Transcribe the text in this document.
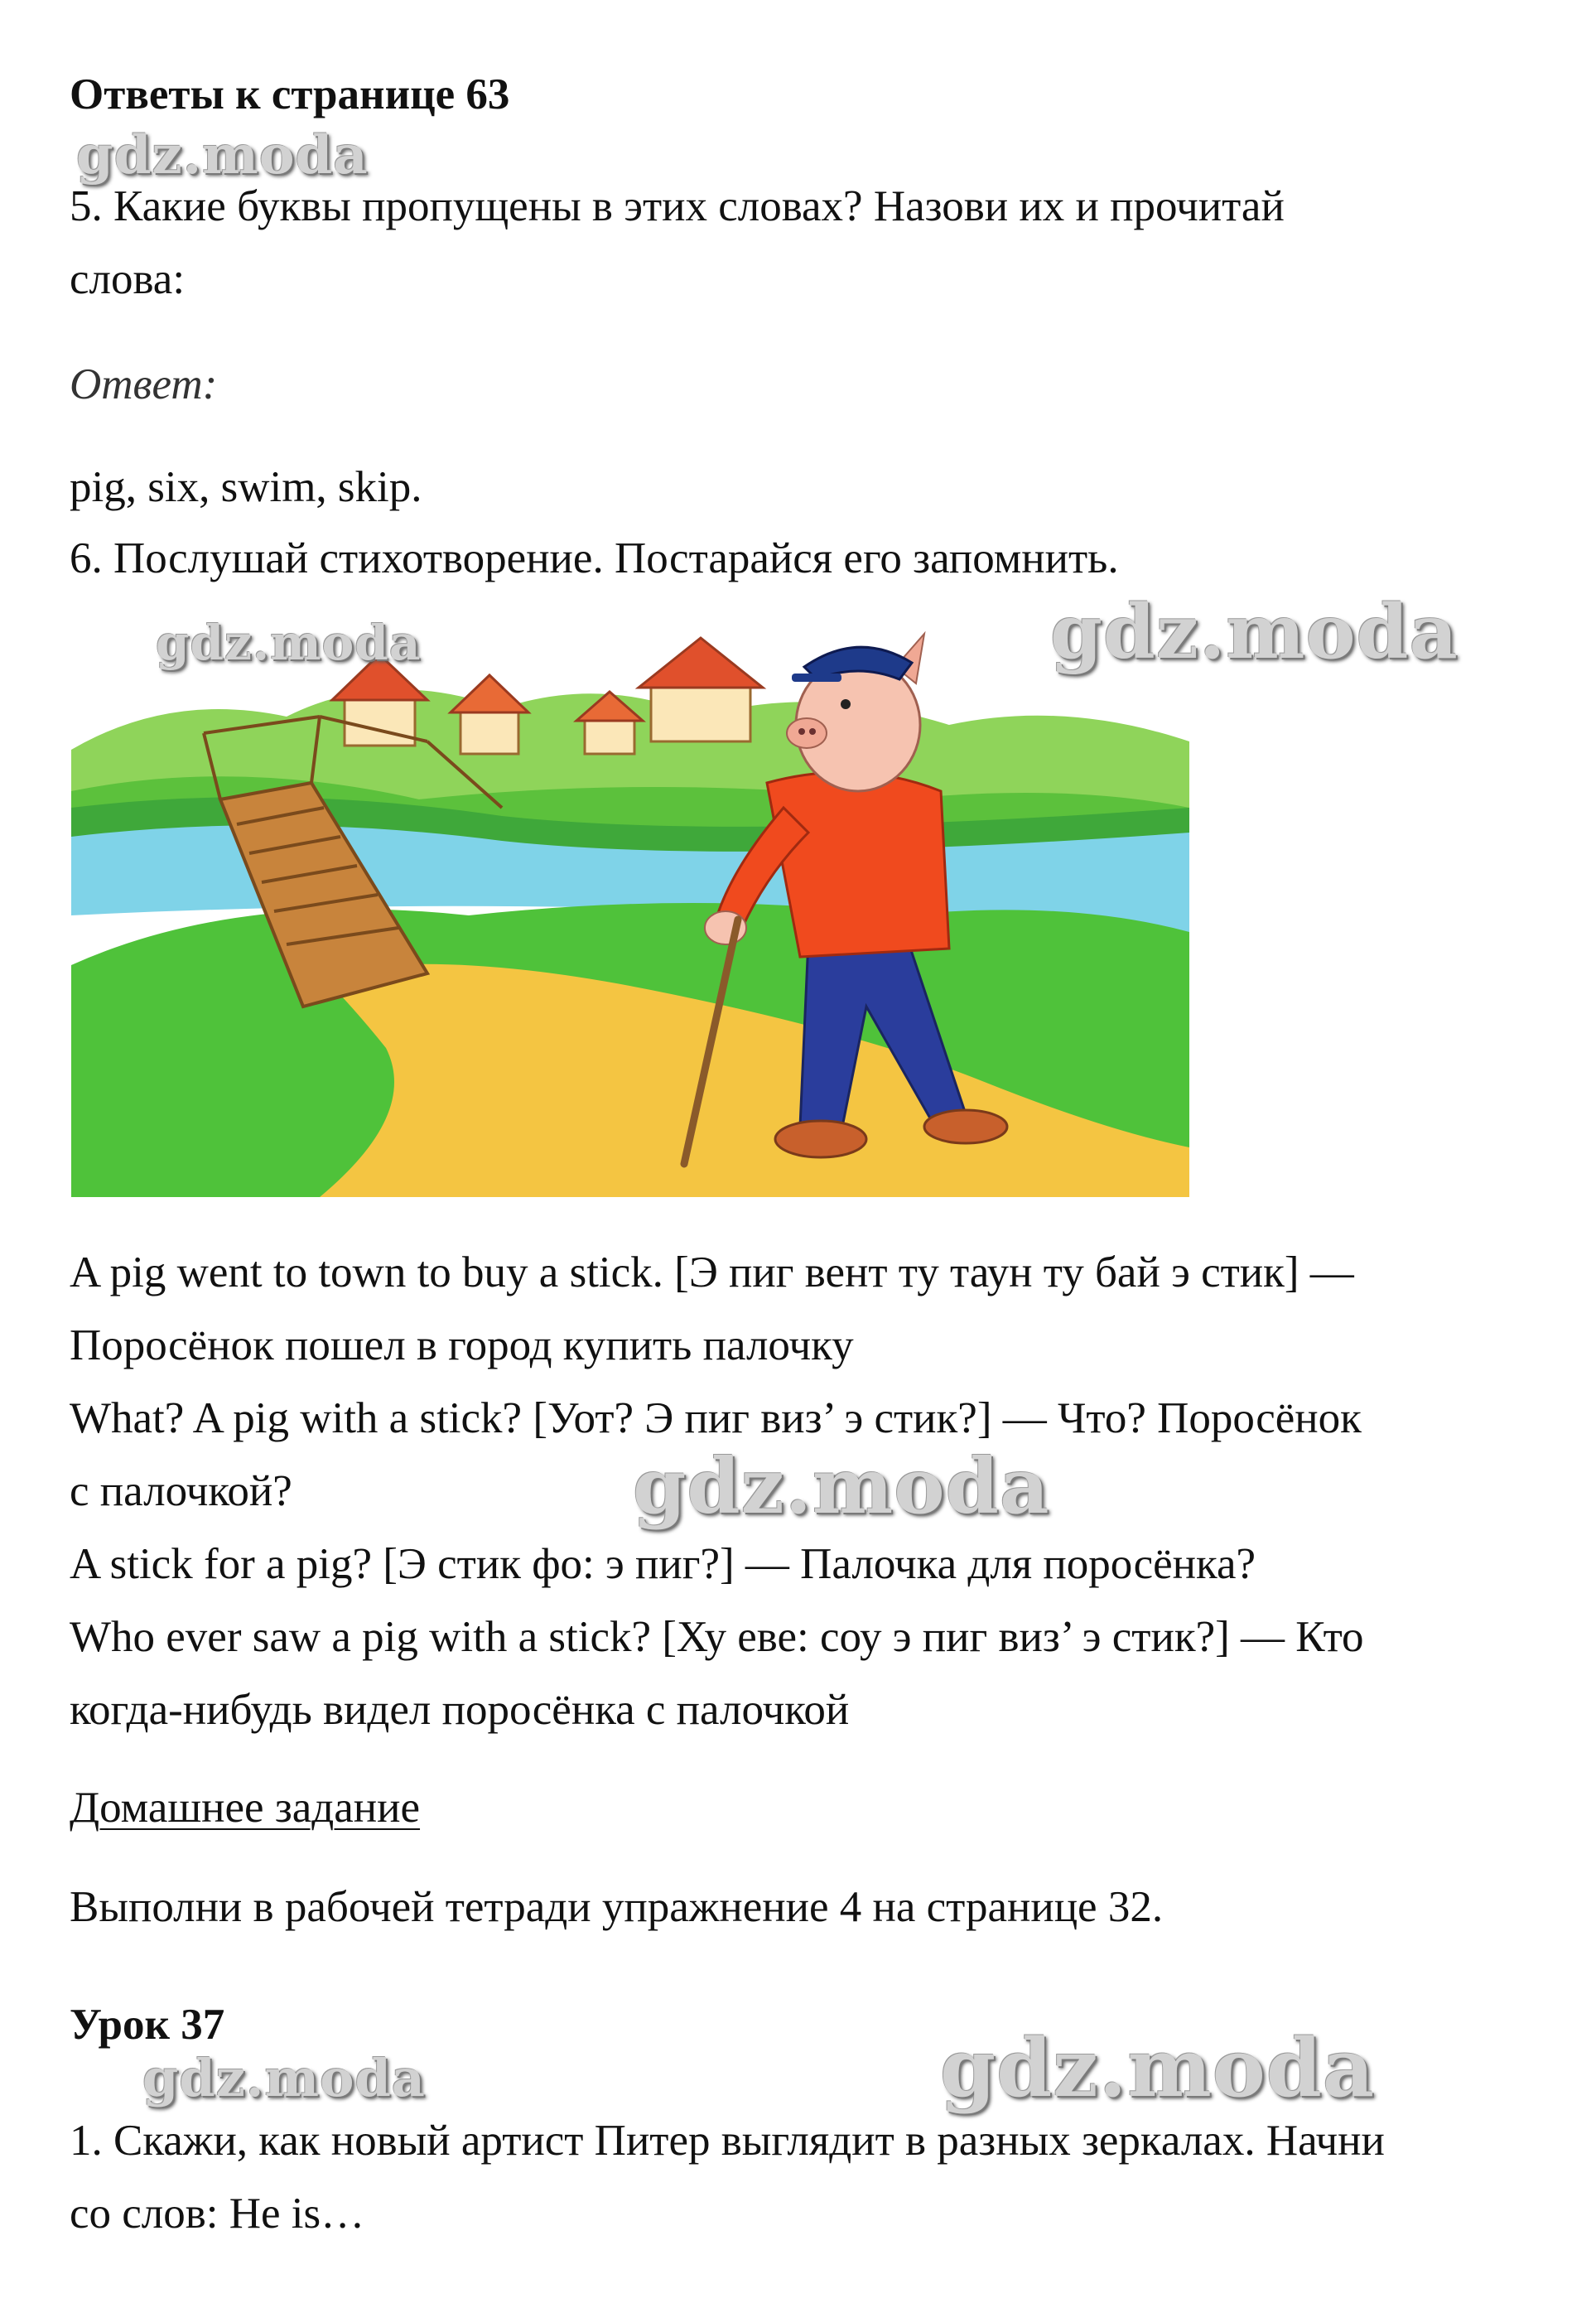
Ответы к странице 63

gdz.moda

5. Какие буквы пропущены в этих словах? Назови их и прочитай

слова:

Ответ:

pig, six, swim, skip.

6. Послушай стихотворение. Постарайся его запомнить.

gdz.moda	gdz.moda

A pig went to town to buy a stick. [Э пиг вент ту таун ту бай э стик] —

Поросёнок пошел в город купить палочку

What? A pig with a stick? [Уот? Э пиг виз’ э стик?] — Что? Поросёнок

с палочкой?	gdz.moda

A stick for a pig? [Э стик фо: э пиг?] — Палочка для поросёнка?

Who ever saw a pig with a stick? [Ху еве: соу э пиг виз’ э стик?] — Кто

когда-нибудь видел поросёнка с палочкой

Домашнее задание

Выполни в рабочей тетради упражнение 4 на странице 32.

Урок 37

gdz.moda	gdz.moda

1. Скажи, как новый артист Питер выглядит в разных зеркалах. Начни

со слов: He is…
